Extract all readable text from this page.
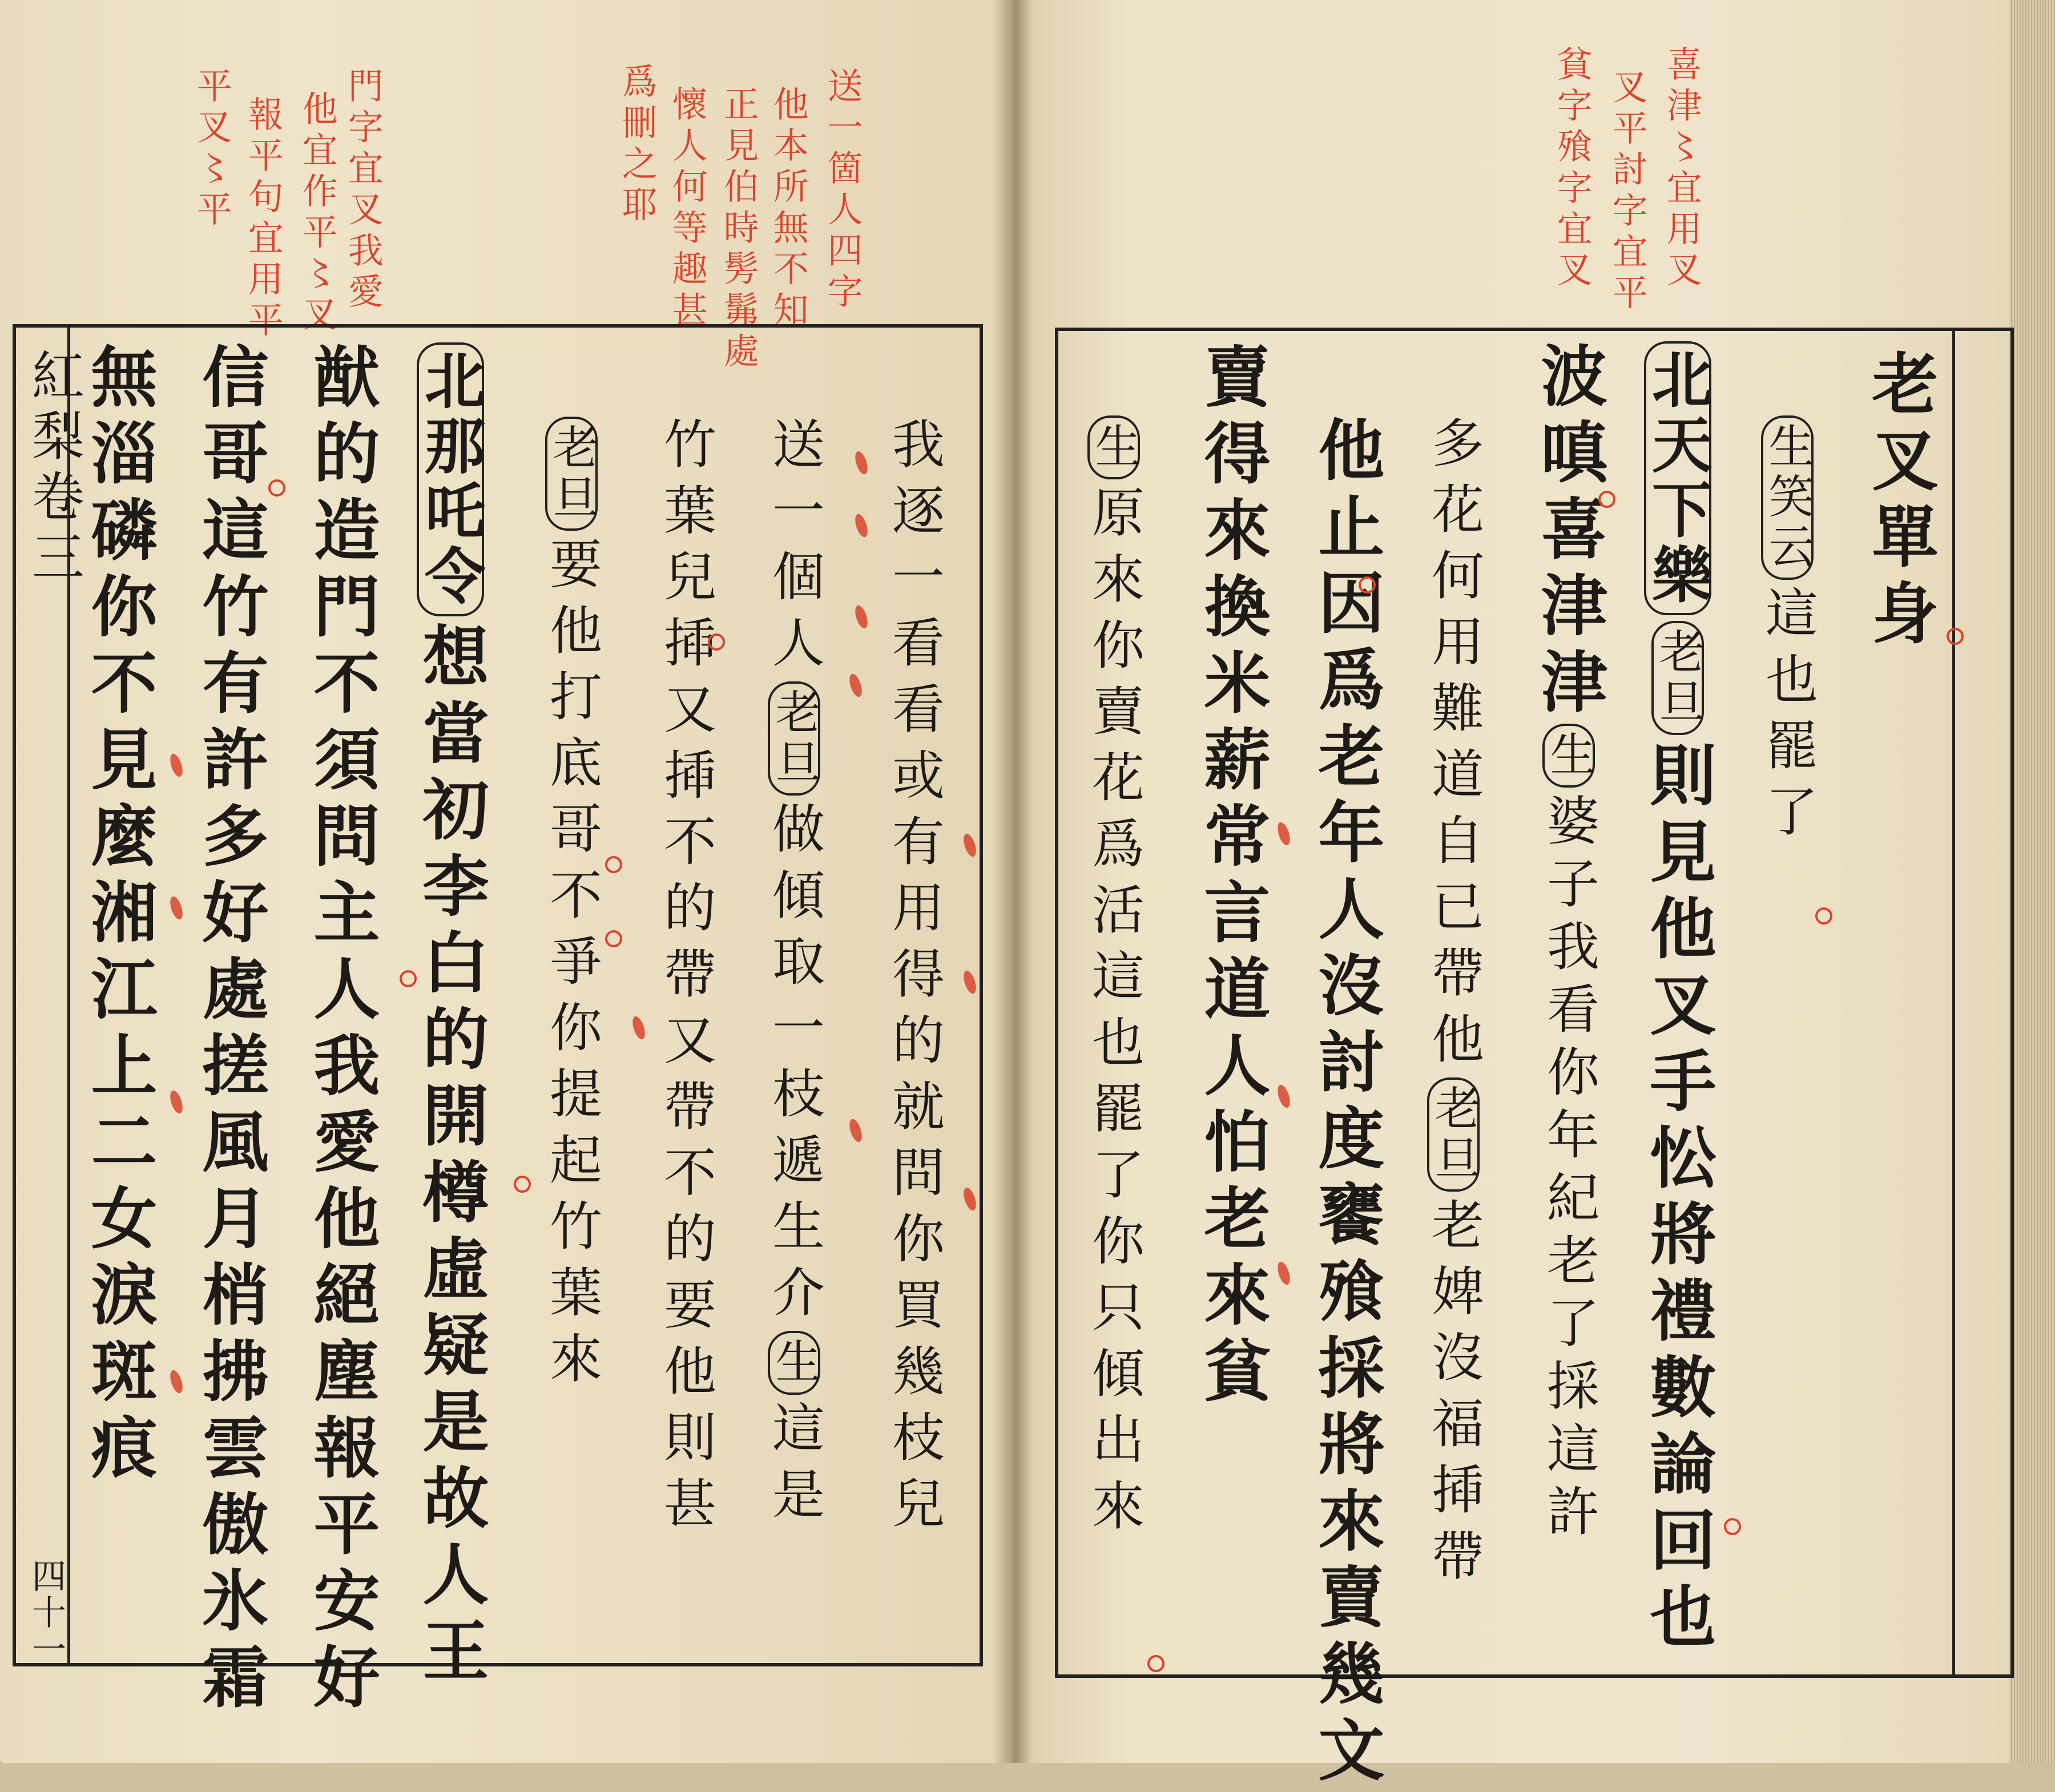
門字宜叉我愛
他宜作平〻叉
報平句宜用平
平叉〻平	送一箇人四字
他本所無不知
正見伯時髣髴處
懷人何等趣甚
爲刪之耶	喜津〻宜用叉
叉平討字宜平
貧字飱字宜叉
紅梨卷三
四十一
我逐一看看或有用得的就問你買幾枝兒
送一個人老旦做傾取一枝遞生介生這是
竹葉兒揷又揷不的帶又帶不的要他則甚
老旦要他打底哥不爭你提起竹葉來
北那吒令想當初李白的開樽虛疑是故人王
猷的造門不須問主人我愛他絕塵報平安好
信哥這竹有許多好處搓風月梢拂雲傲氷霜
無淄磷你不見麼湘江上二女淚斑痕	老叉單身
生笑云這也罷了
北天下樂老旦則見他叉手忪將禮數論回也
波嗔喜津津生婆子我看你年紀老了採這許
多花何用難道自已帶他老旦老婢沒福揷帶
他止因爲老年人沒討度饔飱採將來賣幾文
賣得來換米薪常言道人怕老來貧
生原來你賣花爲活這也罷了你只傾出來
